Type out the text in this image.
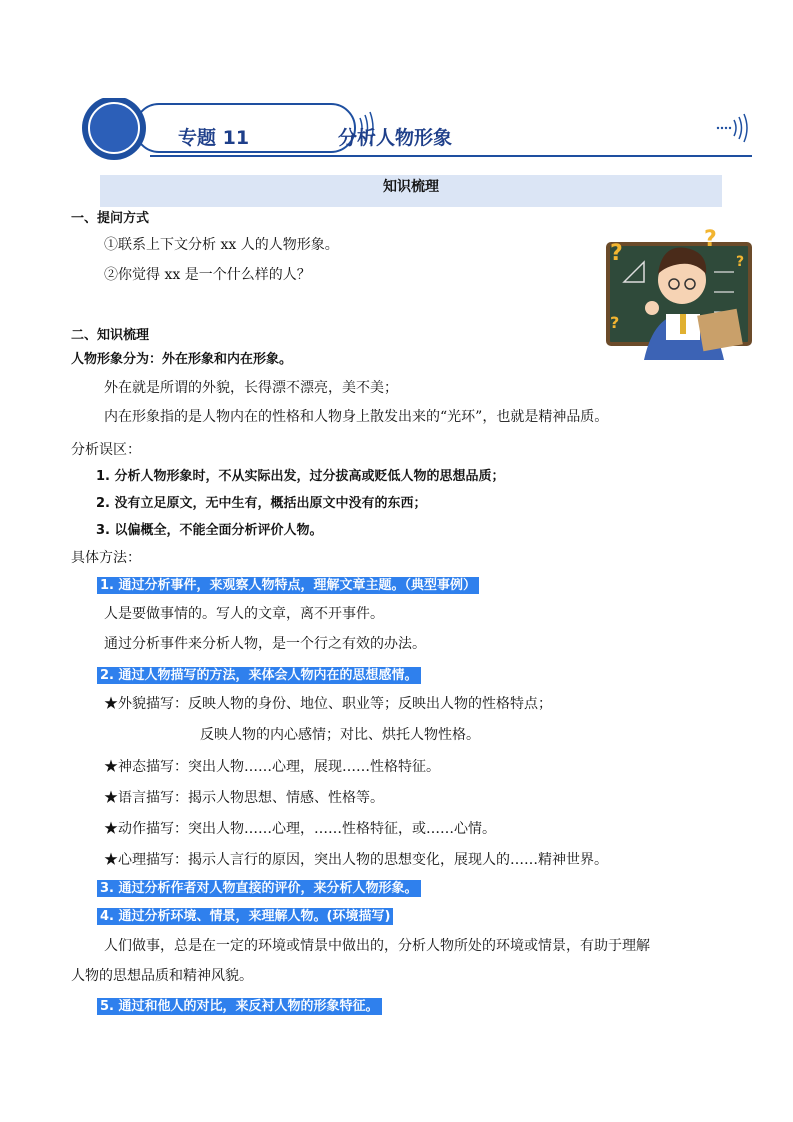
专题 11	分析人物形象
知识梳理
一、提问方式
①联系上下文分析 xx 人的人物形象。
②你觉得 xx 是一个什么样的人？
?
?
?
?
二、知识梳理
人物形象分为：外在形象和内在形象。
外在就是所谓的外貌，长得漂不漂亮，美不美；
内在形象指的是人物内在的性格和人物身上散发出来的“光环”，也就是精神品质。
分析误区：
1. 分析人物形象时，不从实际出发，过分拔高或贬低人物的思想品质；
2. 没有立足原文，无中生有，概括出原文中没有的东西；
3. 以偏概全，不能全面分析评价人物。
具体方法：
1. 通过分析事件，来观察人物特点，理解文章主题。（典型事例）
人是要做事情的。写人的文章，离不开事件。
通过分析事件来分析人物，是一个行之有效的办法。
2. 通过人物描写的方法，来体会人物内在的思想感情。
★外貌描写：反映人物的身份、地位、职业等；反映出人物的性格特点；
反映人物的内心感情；对比、烘托人物性格。
★神态描写：突出人物……心理，展现……性格特征。
★语言描写：揭示人物思想、情感、性格等。
★动作描写：突出人物……心理，……性格特征，或……心情。
★心理描写：揭示人言行的原因，突出人物的思想变化，展现人的……精神世界。
3. 通过分析作者对人物直接的评价，来分析人物形象。
4. 通过分析环境、情景，来理解人物。(环境描写)
人们做事，总是在一定的环境或情景中做出的，分析人物所处的环境或情景，有助于理解
人物的思想品质和精神风貌。
5. 通过和他人的对比，来反衬人物的形象特征。
